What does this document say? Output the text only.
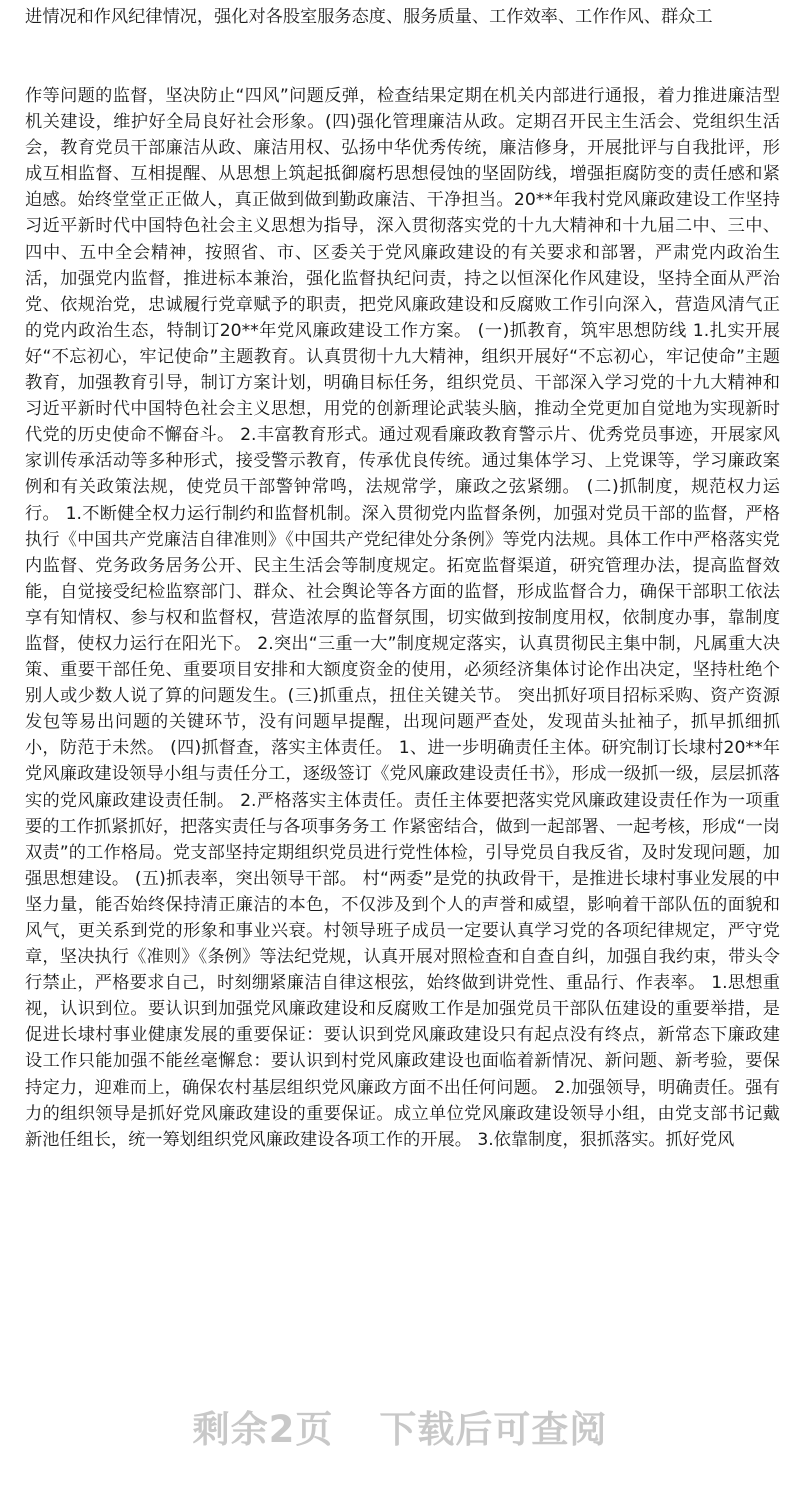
进情况和作风纪律情况，强化对各股室服务态度、服务质量、工作效率、工作作风、群众工
作等问题的监督，坚决防止“四风”问题反弹，检查结果定期在机关内部进行通报，着力推进廉洁型机关建设，维护好全局良好社会形象。(四)强化管理廉洁从政。定期召开民主生活会、党组织生活会，教育党员干部廉洁从政、廉洁用权、弘扬中华优秀传统，廉洁修身，开展批评与自我批评，形成互相监督、互相提醒、从思想上筑起抵御腐朽思想侵蚀的坚固防线，增强拒腐防变的责任感和紧迫感。始终堂堂正正做人，真正做到做到勤政廉洁、干净担当。20**年我村党风廉政建设工作坚持习近平新时代中国特色社会主义思想为指导，深入贯彻落实党的十九大精神和十九届二中、三中、四中、五中全会精神，按照省、市、区委关于党风廉政建设的有关要求和部署，严肃党内政治生活，加强党内监督，推进标本兼治，强化监督执纪问责，持之以恒深化作风建设，坚持全面从严治党、依规治党，忠诚履行党章赋予的职责，把党风廉政建设和反腐败工作引向深入，营造风清气正的党内政治生态，特制订20**年党风廉政建设工作方案。 (一)抓教育，筑牢思想防线 1.扎实开展好“不忘初心，牢记使命”主题教育。认真贯彻十九大精神，组织开展好“不忘初心，牢记使命”主题教育，加强教育引导，制订方案计划，明确目标任务，组织党员、干部深入学习党的十九大精神和习近平新时代中国特色社会主义思想，用党的创新理论武装头脑，推动全党更加自觉地为实现新时代党的历史使命不懈奋斗。 2.丰富教育形式。通过观看廉政教育警示片、优秀党员事迹，开展家风家训传承活动等多种形式，接受警示教育，传承优良传统。通过集体学习、上党课等，学习廉政案例和有关政策法规，使党员干部警钟常鸣，法规常学，廉政之弦紧绷。 (二)抓制度，规范权力运行。 1.不断健全权力运行制约和监督机制。深入贯彻党内监督条例，加强对党员干部的监督，严格执行《中国共产党廉洁自律准则》《中国共产党纪律处分条例》等党内法规。具体工作中严格落实党内监督、党务政务居务公开、民主生活会等制度规定。拓宽监督渠道，研究管理办法，提高监督效能，自觉接受纪检监察部门、群众、社会舆论等各方面的监督，形成监督合力，确保干部职工依法享有知情权、参与权和监督权，营造浓厚的监督氛围，切实做到按制度用权，依制度办事，靠制度监督，使权力运行在阳光下。 2.突出“三重一大”制度规定落实，认真贯彻民主集中制，凡属重大决策、重要干部任免、重要项目安排和大额度资金的使用，必须经济集体讨论作出决定，坚持杜绝个别人或少数人说了算的问题发生。(三)抓重点，扭住关键关节。 突出抓好项目招标采购、资产资源发包等易出问题的关键环节，没有问题早提醒，出现问题严查处，发现苗头扯袖子，抓早抓细抓小，防范于未然。 (四)抓督查，落实主体责任。 1、进一步明确责任主体。研究制订长埭村20**年党风廉政建设领导小组与责任分工，逐级签订《党风廉政建设责任书》，形成一级抓一级，层层抓落实的党风廉政建设责任制。 2.严格落实主体责任。责任主体要把落实党风廉政建设责任作为一项重要的工作抓紧抓好，把落实责任与各项事务务工 作紧密结合，做到一起部署、一起考核，形成“一岗双责”的工作格局。党支部坚持定期组织党员进行党性体检，引导党员自我反省，及时发现问题，加强思想建设。 (五)抓表率，突出领导干部。 村“两委”是党的执政骨干，是推进长埭村事业发展的中坚力量，能否始终保持清正廉洁的本色，不仅涉及到个人的声誉和威望，影响着干部队伍的面貌和风气，更关系到党的形象和事业兴衰。村领导班子成员一定要认真学习党的各项纪律规定，严守党章，坚决执行《准则》《条例》等法纪党规，认真开展对照检查和自查自纠，加强自我约束，带头令行禁止，严格要求自己，时刻绷紧廉洁自律这根弦，始终做到讲党性、重品行、作表率。 1.思想重视，认识到位。要认识到加强党风廉政建设和反腐败工作是加强党员干部队伍建设的重要举措，是促进长埭村事业健康发展的重要保证：要认识到党风廉政建设只有起点没有终点，新常态下廉政建设工作只能加强不能丝毫懈怠：要认识到村党风廉政建设也面临着新情况、新问题、新考验，要保持定力，迎难而上，确保农村基层组织党风廉政方面不出任何问题。 2.加强领导，明确责任。强有力的组织领导是抓好党风廉政建设的重要保证。成立单位党风廉政建设领导小组，由党支部书记戴新池任组长，统一筹划组织党风廉政建设各项工作的开展。 3.依靠制度，狠抓落实。抓好党风
剩余2页 下载后可查阅
